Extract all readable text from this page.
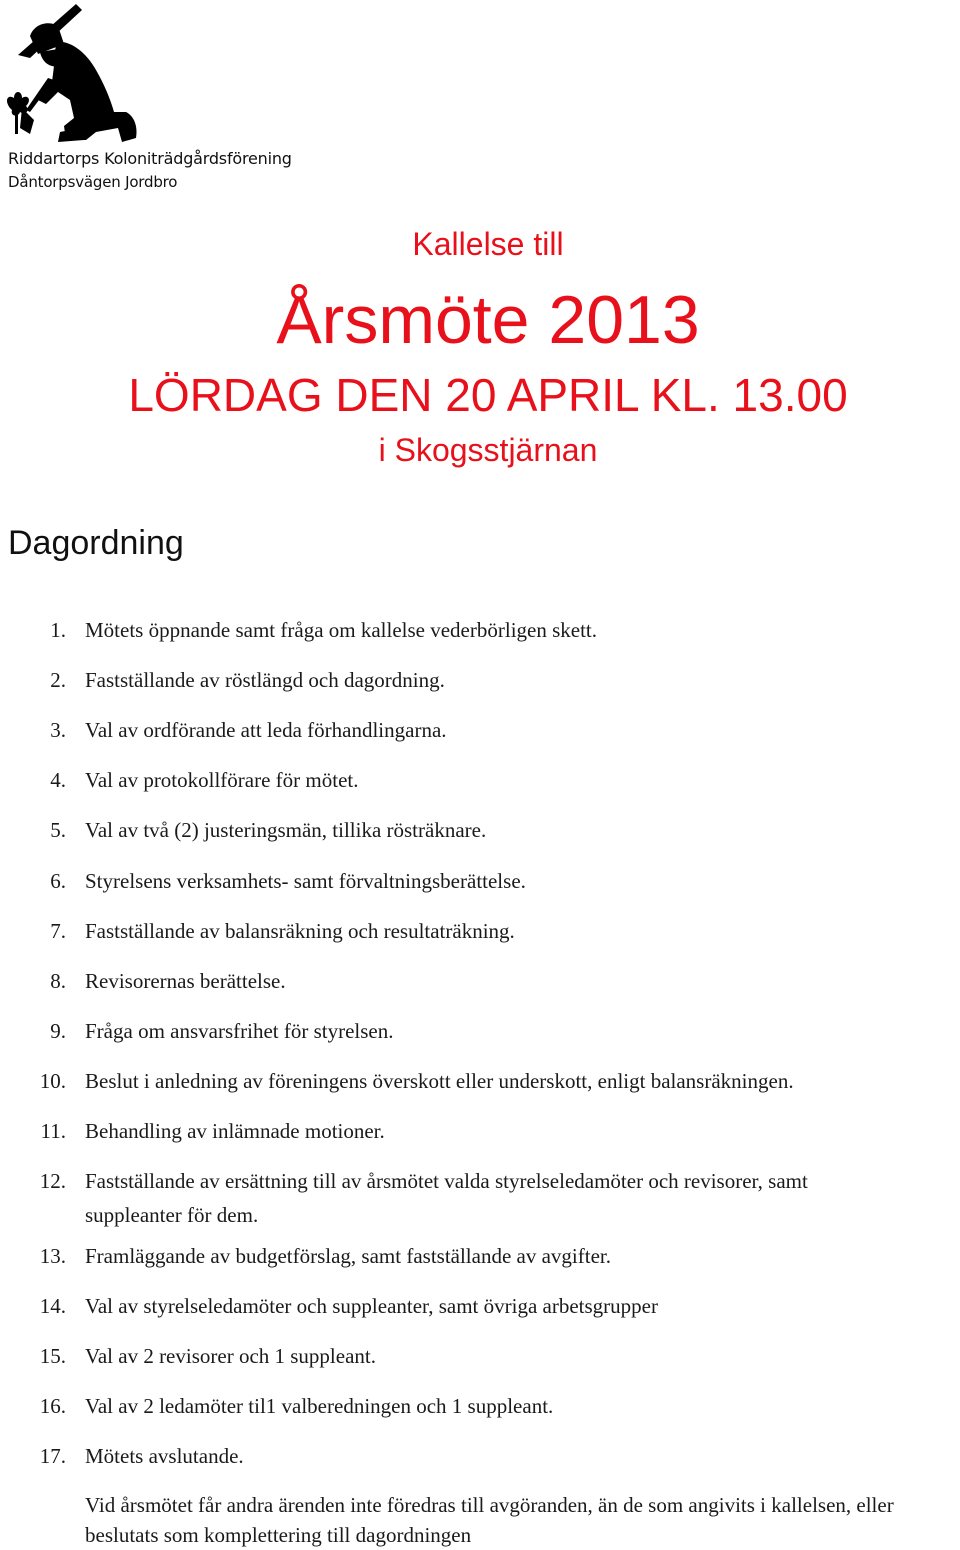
Riddartorps Koloniträdgårdsförening
Dåntorpsvägen Jordbro
Kallelse till
Årsmöte 2013
LÖRDAG DEN 20 APRIL KL. 13.00
i Skogsstjärnan
Dagordning
1. Mötets öppnande samt fråga om kallelse vederbörligen skett.
2. Fastställande av röstlängd och dagordning.
3. Val av ordförande att leda förhandlingarna.
4. Val av protokollförare för mötet.
5. Val av två (2) justeringsmän, tillika rösträknare.
6. Styrelsens verksamhets- samt förvaltningsberättelse.
7. Fastställande av balansräkning och resultaträkning.
8. Revisorernas berättelse.
9. Fråga om ansvarsfrihet för styrelsen.
10. Beslut i anledning av föreningens överskott eller underskott, enligt balansräkningen.
11. Behandling av inlämnade motioner.
12. Fastställande av ersättning till av årsmötet valda styrelseledamöter och revisorer, samt
suppleanter för dem.
13. Framläggande av budgetförslag, samt fastställande av avgifter.
14. Val av styrelseledamöter och suppleanter, samt övriga arbetsgrupper
15. Val av 2 revisorer och 1 suppleant.
16. Val av 2 ledamöter til1 valberedningen och 1 suppleant.
17. Mötets avslutande.
Vid årsmötet får andra ärenden inte föredras till avgöranden, än de som angivits i kallelsen, eller beslutats som komplettering till dagordningen
